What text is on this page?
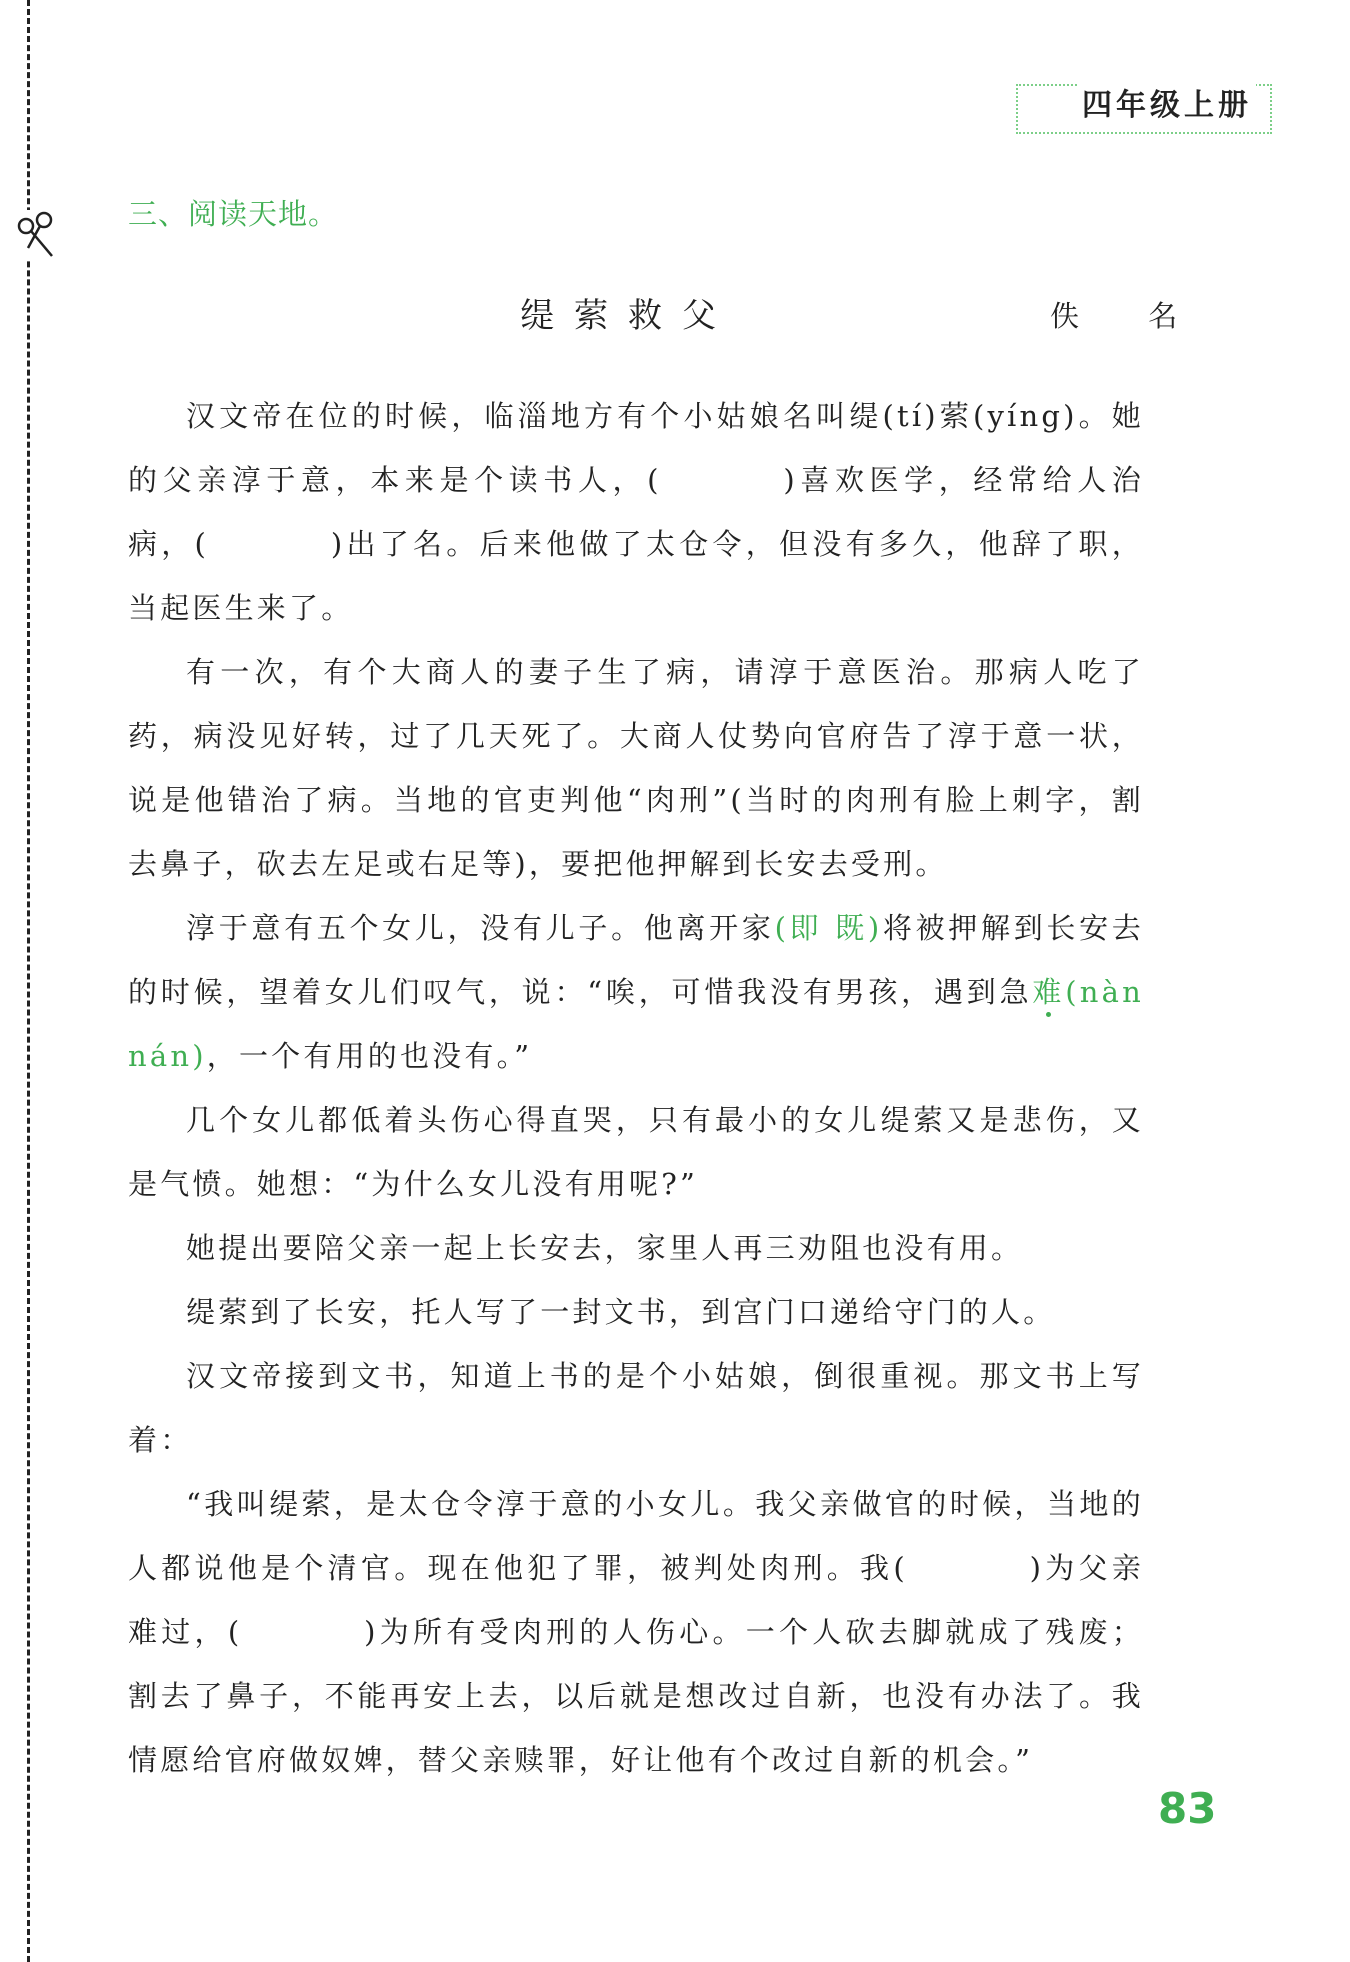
四年级上册
三、阅读天地。
缇萦救父	佚 名

汉文帝在位的时候，临淄地方有个小姑娘名叫缇(tí)萦(yíng)。她的父亲淳于意，本来是个读书人，(	)喜欢医学，经常给人治病，(	)出了名。后来他做了太仓令，但没有多久，他辞了职，当起医生来了。

有一次，有个大商人的妻子生了病，请淳于意医治。那病人吃了药，病没见好转，过了几天死了。大商人仗势向官府告了淳于意一状，说是他错治了病。当地的官吏判他“肉刑”(当时的肉刑有脸上刺字，割去鼻子，砍去左足或右足等)，要把他押解到长安去受刑。

淳于意有五个女儿，没有儿子。他离开家(即 既)将被押解到长安去的时候，望着女儿们叹气，说：“唉，可惜我没有男孩，遇到急难(nàn nán)，一个有用的也没有。”

几个女儿都低着头伤心得直哭，只有最小的女儿缇萦又是悲伤，又是气愤。她想：“为什么女儿没有用呢?”

她提出要陪父亲一起上长安去，家里人再三劝阻也没有用。

缇萦到了长安，托人写了一封文书，到宫门口递给守门的人。

汉文帝接到文书，知道上书的是个小姑娘，倒很重视。那文书上写着：

“我叫缇萦，是太仓令淳于意的小女儿。我父亲做官的时候，当地的人都说他是个清官。现在他犯了罪，被判处肉刑。我(	)为父亲难过，(	)为所有受肉刑的人伤心。一个人砍去脚就成了残废；割去了鼻子，不能再安上去，以后就是想改过自新，也没有办法了。我情愿给官府做奴婢，替父亲赎罪，好让他有个改过自新的机会。”

83
